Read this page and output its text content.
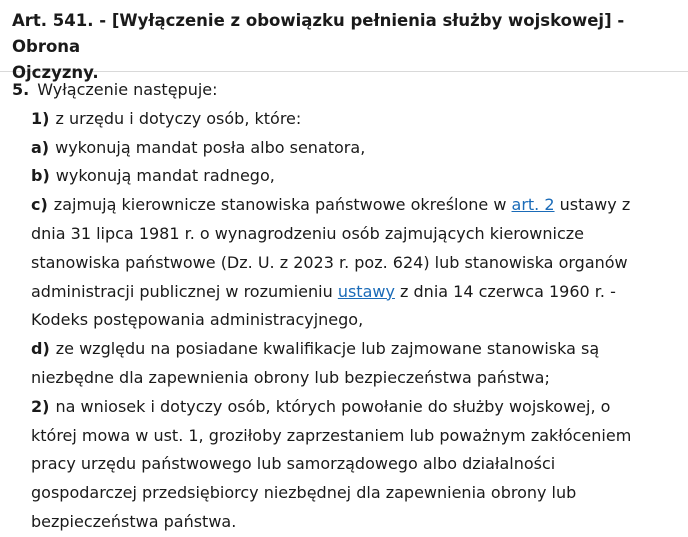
Art. 541. - [Wyłączenie z obowiązku pełnienia służby wojskowej] - Obrona
Ojczyzny.

5. Wyłączenie następuje:

1) z urzędu i dotyczy osób, które:

a) wykonują mandat posła albo senatora,

b) wykonują mandat radnego,

c) zajmują kierownicze stanowiska państwowe określone w art. 2 ustawy z

dnia 31 lipca 1981 r. o wynagrodzeniu osób zajmujących kierownicze

stanowiska państwowe (Dz. U. z 2023 r. poz. 624) lub stanowiska organów

administracji publicznej w rozumieniu ustawy z dnia 14 czerwca 1960 r. -

Kodeks postępowania administracyjnego,

d) ze względu na posiadane kwalifikacje lub zajmowane stanowiska są

niezbędne dla zapewnienia obrony lub bezpieczeństwa państwa;

2) na wniosek i dotyczy osób, których powołanie do służby wojskowej, o

której mowa w ust. 1, groziłoby zaprzestaniem lub poważnym zakłóceniem

pracy urzędu państwowego lub samorządowego albo działalności

gospodarczej przedsiębiorcy niezbędnej dla zapewnienia obrony lub

bezpieczeństwa państwa.
